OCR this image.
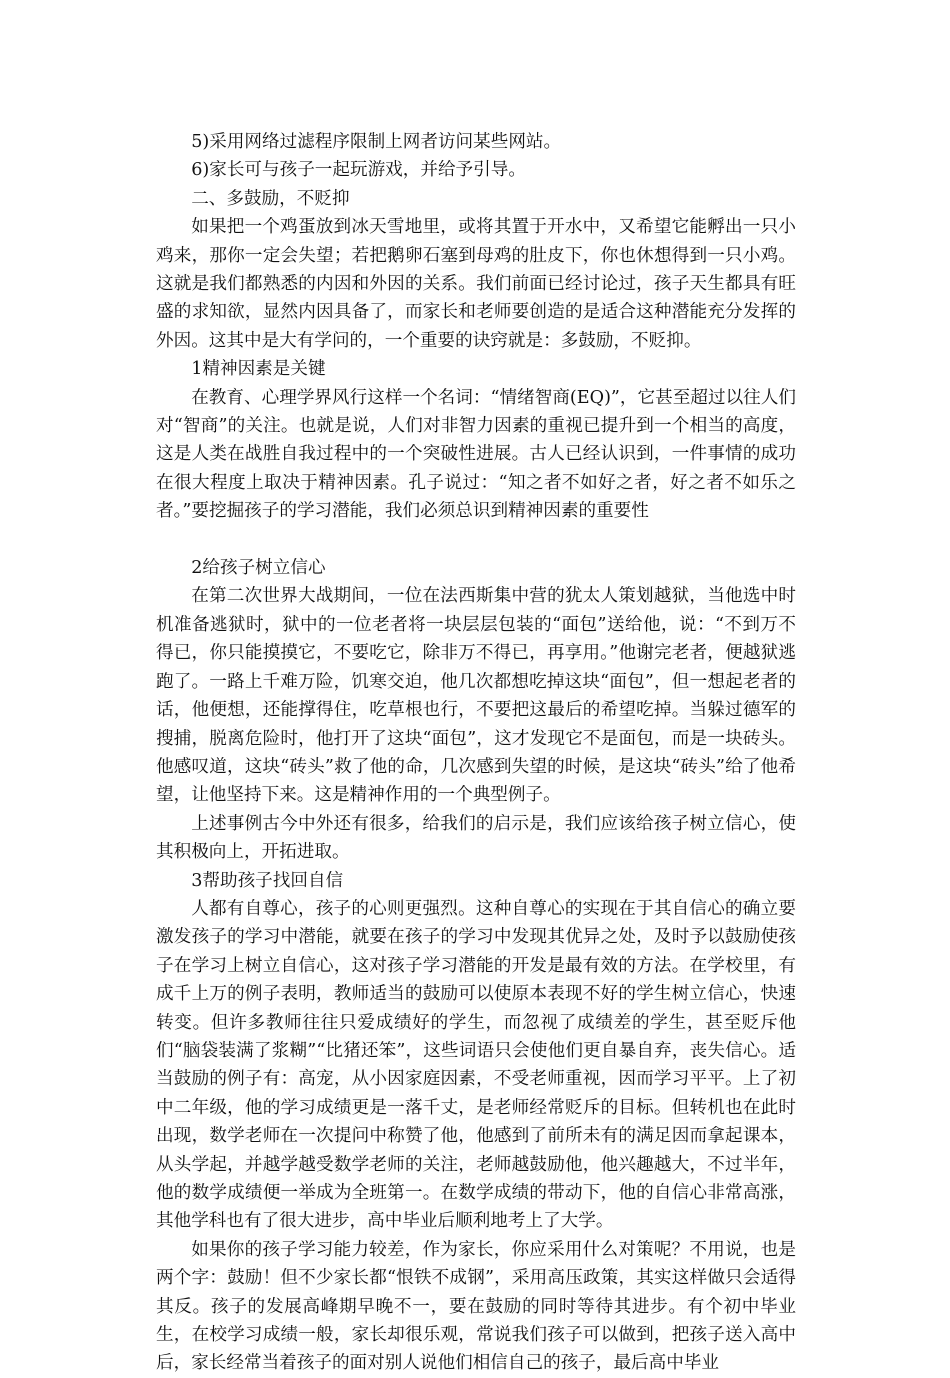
5)采用网络过滤程序限制上网者访问某些网站。

6)家长可与孩子一起玩游戏，并给予引导。

二、多鼓励，不贬抑

如果把一个鸡蛋放到冰天雪地里，或将其置于开水中，又希望它能孵出一只小鸡来，那你一定会失望；若把鹅卵石塞到母鸡的肚皮下，你也休想得到一只小鸡。这就是我们都熟悉的内因和外因的关系。我们前面已经讨论过，孩子天生都具有旺盛的求知欲，显然内因具备了，而家长和老师要创造的是适合这种潜能充分发挥的外因。这其中是大有学问的，一个重要的诀窍就是：多鼓励，不贬抑。

1精神因素是关键

在教育、心理学界风行这样一个名词：“情绪智商(EQ)”，它甚至超过以往人们对“智商”的关注。也就是说，人们对非智力因素的重视已提升到一个相当的高度，这是人类在战胜自我过程中的一个突破性进展。古人已经认识到，一件事情的成功在很大程度上取决于精神因素。孔子说过：“知之者不如好之者，好之者不如乐之者。”要挖掘孩子的学习潜能，我们必须总识到精神因素的重要性

2给孩子树立信心

在第二次世界大战期间，一位在法西斯集中营的犹太人策划越狱，当他选中时机准备逃狱时，狱中的一位老者将一块层层包装的“面包”送给他，说：“不到万不得已，你只能摸摸它，不要吃它，除非万不得已，再享用。”他谢完老者，便越狱逃跑了。一路上千难万险，饥寒交迫，他几次都想吃掉这块“面包”，但一想起老者的话，他便想，还能撑得住，吃草根也行，不要把这最后的希望吃掉。当躲过德军的搜捕，脱离危险时，他打开了这块“面包”，这才发现它不是面包，而是一块砖头。他感叹道，这块“砖头”救了他的命，几次感到失望的时候，是这块“砖头”给了他希望，让他坚持下来。这是精神作用的一个典型例子。

上述事例古今中外还有很多，给我们的启示是，我们应该给孩子树立信心，使其积极向上，开拓进取。

3帮助孩子找回自信

人都有自尊心，孩子的心则更强烈。这种自尊心的实现在于其自信心的确立要激发孩子的学习中潜能，就要在孩子的学习中发现其优异之处，及时予以鼓励使孩子在学习上树立自信心，这对孩子学习潜能的开发是最有效的方法。在学校里，有成千上万的例子表明，教师适当的鼓励可以使原本表现不好的学生树立信心，快速转变。但许多教师往往只爱成绩好的学生，而忽视了成绩差的学生，甚至贬斥他们“脑袋装满了浆糊”“比猪还笨”，这些词语只会使他们更自暴自弃，丧失信心。适当鼓励的例子有：高宠，从小因家庭因素，不受老师重视，因而学习平平。上了初中二年级，他的学习成绩更是一落千丈，是老师经常贬斥的目标。但转机也在此时出现，数学老师在一次提问中称赞了他，他感到了前所未有的满足因而拿起课本，从头学起，并越学越受数学老师的关注，老师越鼓励他，他兴趣越大，不过半年，他的数学成绩便一举成为全班第一。在数学成绩的带动下，他的自信心非常高涨，其他学科也有了很大进步，高中毕业后顺利地考上了大学。

如果你的孩子学习能力较差，作为家长，你应采用什么对策呢？不用说，也是两个字：鼓励！但不少家长都“恨铁不成钢”，采用高压政策，其实这样做只会适得其反。孩子的发展高峰期早晚不一，要在鼓励的同时等待其进步。有个初中毕业生，在校学习成绩一般，家长却很乐观，常说我们孩子可以做到，把孩子送入高中后，家长经常当着孩子的面对别人说他们相信自己的孩子，最后高中毕业
